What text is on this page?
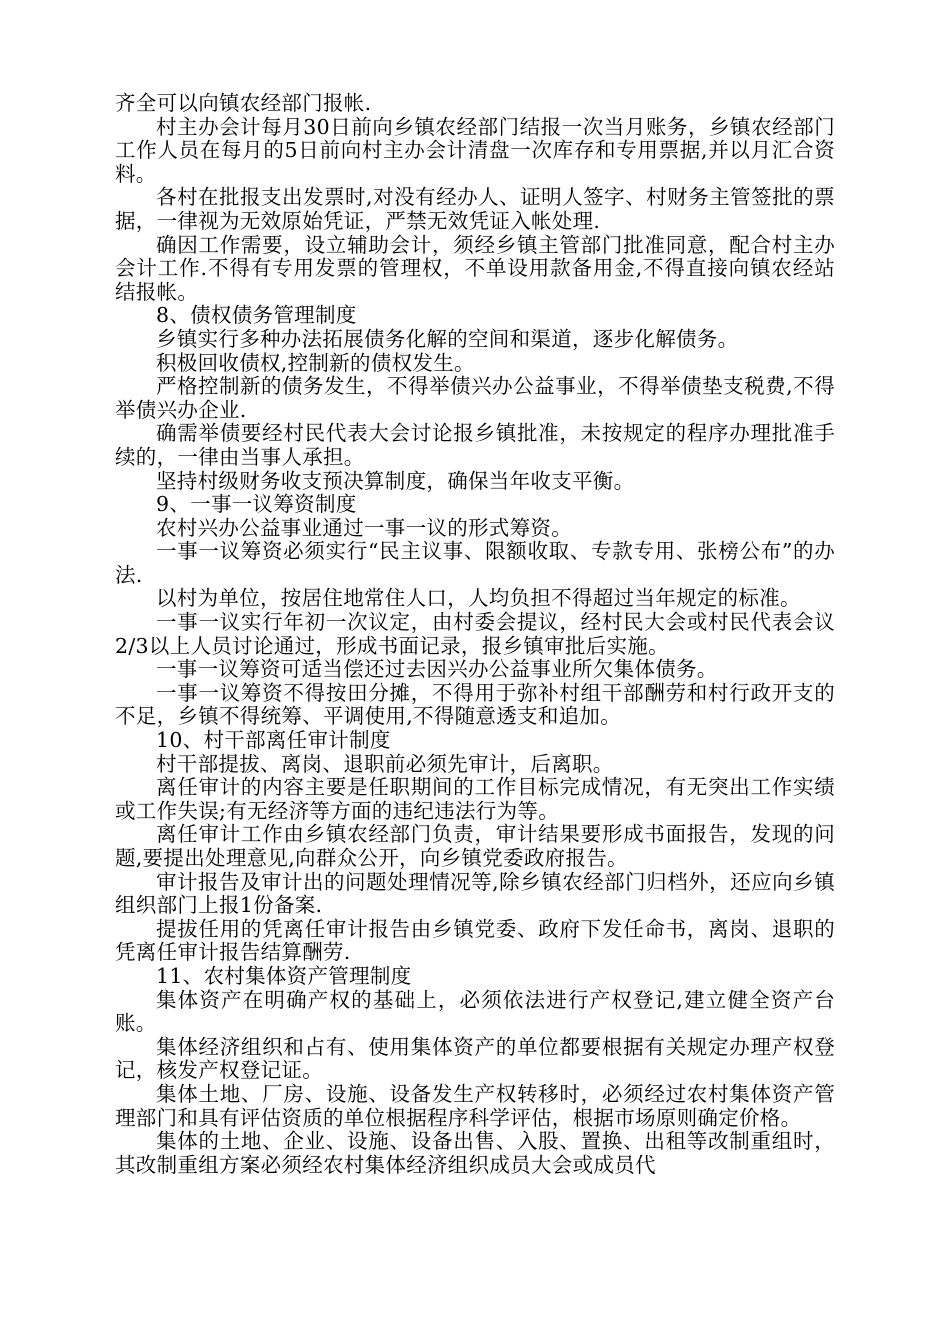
齐全可以向镇农经部门报帐.

村主办会计每月30日前向乡镇农经部门结报一次当月账务，乡镇农经部门工作人员在每月的5日前向村主办会计清盘一次库存和专用票据,并以月汇合资料。

各村在批报支出发票时,对没有经办人、证明人签字、村财务主管签批的票据，一律视为无效原始凭证，严禁无效凭证入帐处理.

确因工作需要，设立辅助会计，须经乡镇主管部门批准同意，配合村主办会计工作.不得有专用发票的管理权，不单设用款备用金,不得直接向镇农经站结报帐。

8、债权债务管理制度

乡镇实行多种办法拓展债务化解的空间和渠道，逐步化解债务。

积极回收债权,控制新的债权发生。

严格控制新的债务发生，不得举债兴办公益事业，不得举债垫支税费,不得举债兴办企业.

确需举债要经村民代表大会讨论报乡镇批准，未按规定的程序办理批准手续的，一律由当事人承担。

坚持村级财务收支预决算制度，确保当年收支平衡。

9、一事一议筹资制度

农村兴办公益事业通过一事一议的形式筹资。

一事一议筹资必须实行“民主议事、限额收取、专款专用、张榜公布”的办法.

以村为单位，按居住地常住人口，人均负担不得超过当年规定的标准。

一事一议实行年初一次议定，由村委会提议，经村民大会或村民代表会议2/3以上人员讨论通过，形成书面记录，报乡镇审批后实施。

一事一议筹资可适当偿还过去因兴办公益事业所欠集体债务。

一事一议筹资不得按田分摊，不得用于弥补村组干部酬劳和村行政开支的不足，乡镇不得统筹、平调使用,不得随意透支和追加。

10、村干部离任审计制度

村干部提拔、离岗、退职前必须先审计，后离职。

离任审计的内容主要是任职期间的工作目标完成情况，有无突出工作实绩或工作失误;有无经济等方面的违纪违法行为等。

离任审计工作由乡镇农经部门负责，审计结果要形成书面报告，发现的问题,要提出处理意见,向群众公开，向乡镇党委政府报告。

审计报告及审计出的问题处理情况等,除乡镇农经部门归档外，还应向乡镇组织部门上报1份备案.

提拔任用的凭离任审计报告由乡镇党委、政府下发任命书，离岗、退职的凭离任审计报告结算酬劳.

11、农村集体资产管理制度

集体资产在明确产权的基础上，必须依法进行产权登记,建立健全资产台账。

集体经济组织和占有、使用集体资产的单位都要根据有关规定办理产权登记，核发产权登记证。

集体土地、厂房、设施、设备发生产权转移时，必须经过农村集体资产管理部门和具有评估资质的单位根据程序科学评估，根据市场原则确定价格。

集体的土地、企业、设施、设备出售、入股、置换、出租等改制重组时，其改制重组方案必须经农村集体经济组织成员大会或成员代
